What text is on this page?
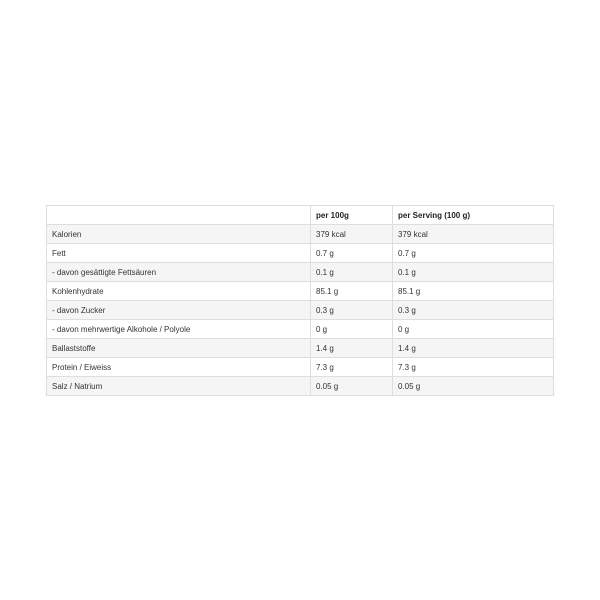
	per 100g	per Serving (100 g)
Kalorien	379 kcal	379 kcal
Fett	0.7 g	0.7 g
- davon gesättigte Fettsäuren	0.1 g	0.1 g
Kohlenhydrate	85.1 g	85.1 g
- davon Zucker	0.3 g	0.3 g
- davon mehrwertige Alkohole / Polyole	0 g	0 g
Ballaststoffe	1.4 g	1.4 g
Protein / Eiweiss	7.3 g	7.3 g
Salz / Natrium	0.05 g	0.05 g
